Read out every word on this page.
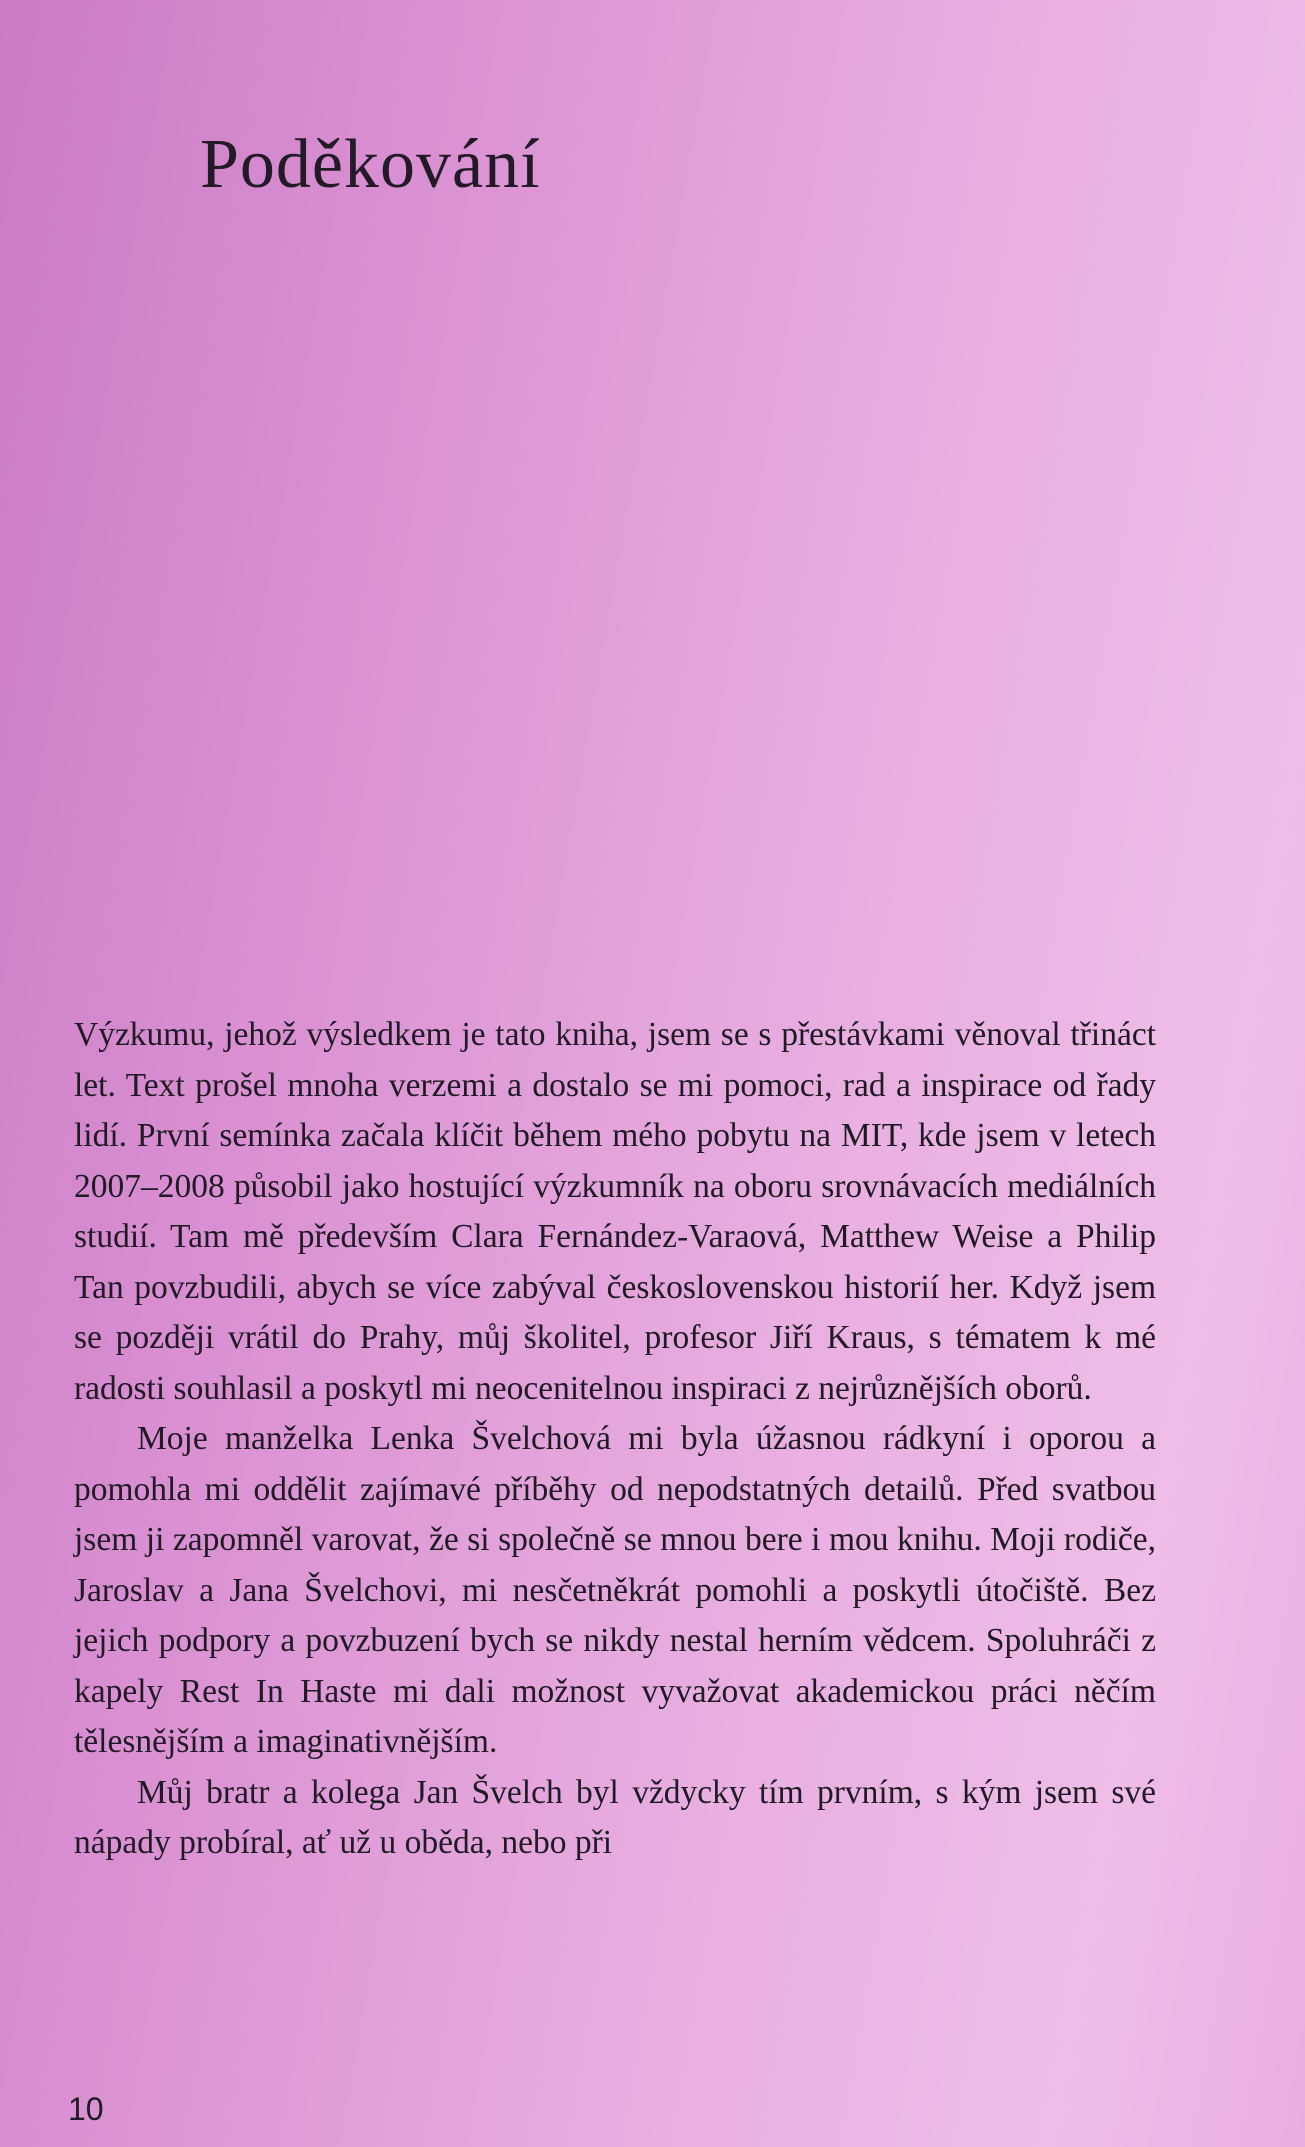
Poděkování

Výzkumu, jehož výsledkem je tato kniha, jsem se s přestávkami věnoval třináct let. Text prošel mnoha verzemi a dostalo se mi pomoci, rad a inspirace od řady lidí. První semínka začala klíčit během mého pobytu na MIT, kde jsem v letech 2007–2008 působil jako hostující výzkumník na oboru srovnávacích mediálních studií. Tam mě především Clara Fernández-Varaová, Matthew Weise a Philip Tan povzbudili, abych se více zabýval československou historií her. Když jsem se později vrátil do Prahy, můj školitel, profesor Jiří Kraus, s tématem k mé radosti souhlasil a poskytl mi neocenitelnou inspiraci z nejrůznějších oborů.

Moje manželka Lenka Švelchová mi byla úžasnou rádkyní i oporou a pomohla mi oddělit zajímavé příběhy od nepodstatných detailů. Před svatbou jsem ji zapomněl varovat, že si společně se mnou bere i mou knihu. Moji rodiče, Jaroslav a Jana Švelchovi, mi nesčetněkrát pomohli a poskytli útočiště. Bez jejich podpory a povzbuzení bych se nikdy nestal herním vědcem. Spoluhráči z kapely Rest In Haste mi dali možnost vyvažovat akademickou práci něčím tělesnějším a imaginativnějším.

Můj bratr a kolega Jan Švelch byl vždycky tím prvním, s kým jsem své nápady probíral, ať už u oběda, nebo při

10
